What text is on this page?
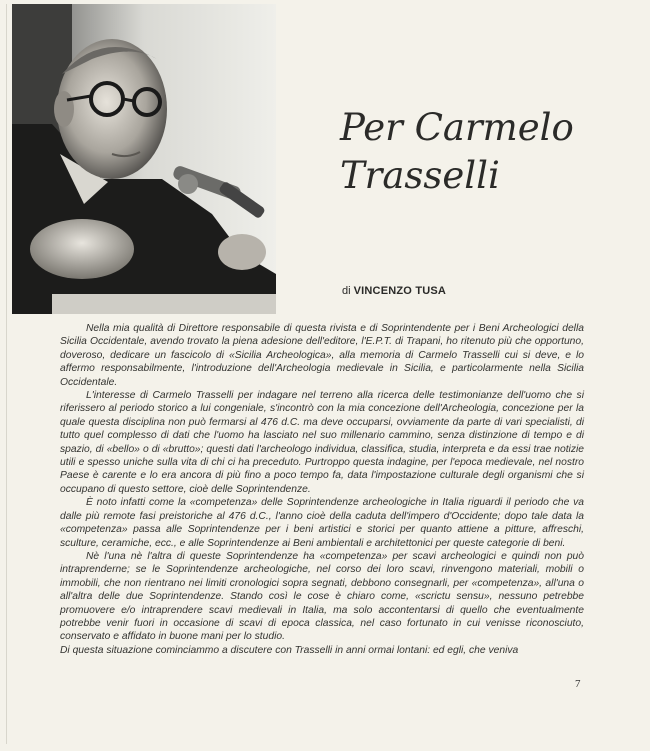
Per Carmelo Trasselli
di VINCENZO TUSA

Nella mia qualità di Direttore responsabile di questa rivista e di Soprintendente per i Beni Archeologici della Sicilia Occidentale, avendo trovato la piena adesione dell'editore, l'E.P.T. di Trapani, ho ritenuto più che opportuno, doveroso, dedicare un fascicolo di «Sicilia Archeologica», alla memoria di Carmelo Trasselli cui si deve, e lo affermo responsabilmente, l'introduzione dell'Archeologia medievale in Sicilia, e particolarmente nella Sicilia Occidentale.

L'interesse di Carmelo Trasselli per indagare nel terreno alla ricerca delle testimonianze dell'uomo che si riferissero al periodo storico a lui congeniale, s'incontrò con la mia concezione dell'Archeologia, concezione per la quale questa disciplina non può fermarsi al 476 d.C. ma deve occuparsi, ovviamente da parte di vari specialisti, di tutto quel complesso di dati che l'uomo ha lasciato nel suo millenario cammino, senza distinzione di tempo e di spazio, di «bello» o di «brutto»; questi dati l'archeologo individua, classifica, studia, interpreta e da essi trae notizie utili e spesso uniche sulla vita di chi ci ha preceduto. Purtroppo questa indagine, per l'epoca medievale, nel nostro Paese è carente e lo era ancora di più fino a poco tempo fa, data l'impostazione culturale degli organismi che si occupano di questo settore, cioè delle Soprintendenze.

È noto infatti come la «competenza» delle Soprintendenze archeologiche in Italia riguardi il periodo che va dalle più remote fasi preistoriche al 476 d.C., l'anno cioè della caduta dell'impero d'Occidente; dopo tale data la «competenza» passa alle Soprintendenze per i beni artistici e storici per quanto attiene a pitture, affreschi, sculture, ceramiche, ecc., e alle Soprintendenze ai Beni ambientali e architettonici per queste categorie di beni.

Nè l'una nè l'altra di queste Soprintendenze ha «competenza» per scavi archeologici e quindi non può intraprenderne; se le Soprintendenze archeologiche, nel corso dei loro scavi, rinvengono materiali, mobili o immobili, che non rientrano nei limiti cronologici sopra segnati, debbono consegnarli, per «competenza», all'una o all'altra delle due Soprintendenze. Stando così le cose è chiaro come, «scrictu sensu», nessuno petrebbe promuovere e/o intraprendere scavi medievali in Italia, ma solo accontentarsi di quello che eventualmente potrebbe venir fuori in occasione di scavi di epoca classica, nel caso fortunato in cui venisse riconosciuto, conservato e affidato in buone mani per lo studio.

Di questa situazione cominciammo a discutere con Trasselli in anni ormai lontani: ed egli, che veniva

7
